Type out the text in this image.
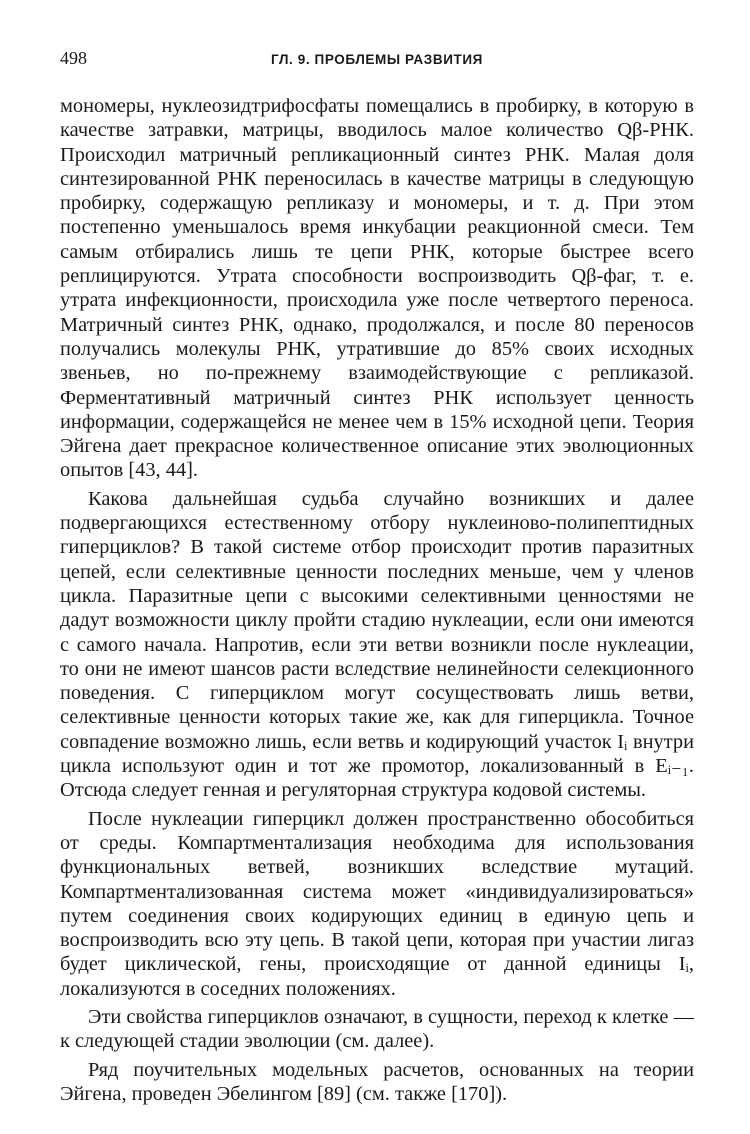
498	ГЛ. 9. ПРОБЛЕМЫ РАЗВИТИЯ

мономеры, нуклеозидтрифосфаты помещались в пробирку, в которую в качестве затравки, матрицы, вводилось малое количество Qβ-РНК. Происходил матричный репликационный синтез РНК. Малая доля синтезированной РНК переносилась в качестве матрицы в следующую пробирку, содержащую репликазу и мономеры, и т. д. При этом постепенно уменьшалось время инкубации реакционной смеси. Тем самым отбирались лишь те цепи РНК, которые быстрее всего реплицируются. Утрата способности воспроизводить Qβ-фаг, т. е. утрата инфекционности, происходила уже после четвертого переноса. Матричный синтез РНК, однако, продолжался, и после 80 переносов получались молекулы РНК, утратившие до 85% своих исходных звеньев, но по-прежнему взаимодействующие с репликазой. Ферментативный матричный синтез РНК использует ценность информации, содержащейся не менее чем в 15% исходной цепи. Теория Эйгена дает прекрасное количественное описание этих эволюционных опытов [43, 44].

Какова дальнейшая судьба случайно возникших и далее подвергающихся естественному отбору нуклеиново-полипептидных гиперциклов? В такой системе отбор происходит против паразитных цепей, если селективные ценности последних меньше, чем у членов цикла. Паразитные цепи с высокими селективными ценностями не дадут возможности циклу пройти стадию нуклеации, если они имеются с самого начала. Напротив, если эти ветви возникли после нуклеации, то они не имеют шансов расти вследствие нелинейности селекционного поведения. С гиперциклом могут сосуществовать лишь ветви, селективные ценности которых такие же, как для гиперцикла. Точное совпадение возможно лишь, если ветвь и кодирующий участок Iᵢ внутри цикла используют один и тот же промотор, локализованный в Eᵢ₋₁. Отсюда следует генная и регуляторная структура кодовой системы.

После нуклеации гиперцикл должен пространственно обособиться от среды. Компартментализация необходима для использования функциональных ветвей, возникших вследствие мутаций. Компартментализованная система может «индивидуализироваться» путем соединения своих кодирующих единиц в единую цепь и воспроизводить всю эту цепь. В такой цепи, которая при участии лигаз будет циклической, гены, происходящие от данной единицы Iᵢ, локализуются в соседних положениях.

Эти свойства гиперциклов означают, в сущности, переход к клетке — к следующей стадии эволюции (см. далее).

Ряд поучительных модельных расчетов, основанных на теории Эйгена, проведен Эбелингом [89] (см. также [170]).
